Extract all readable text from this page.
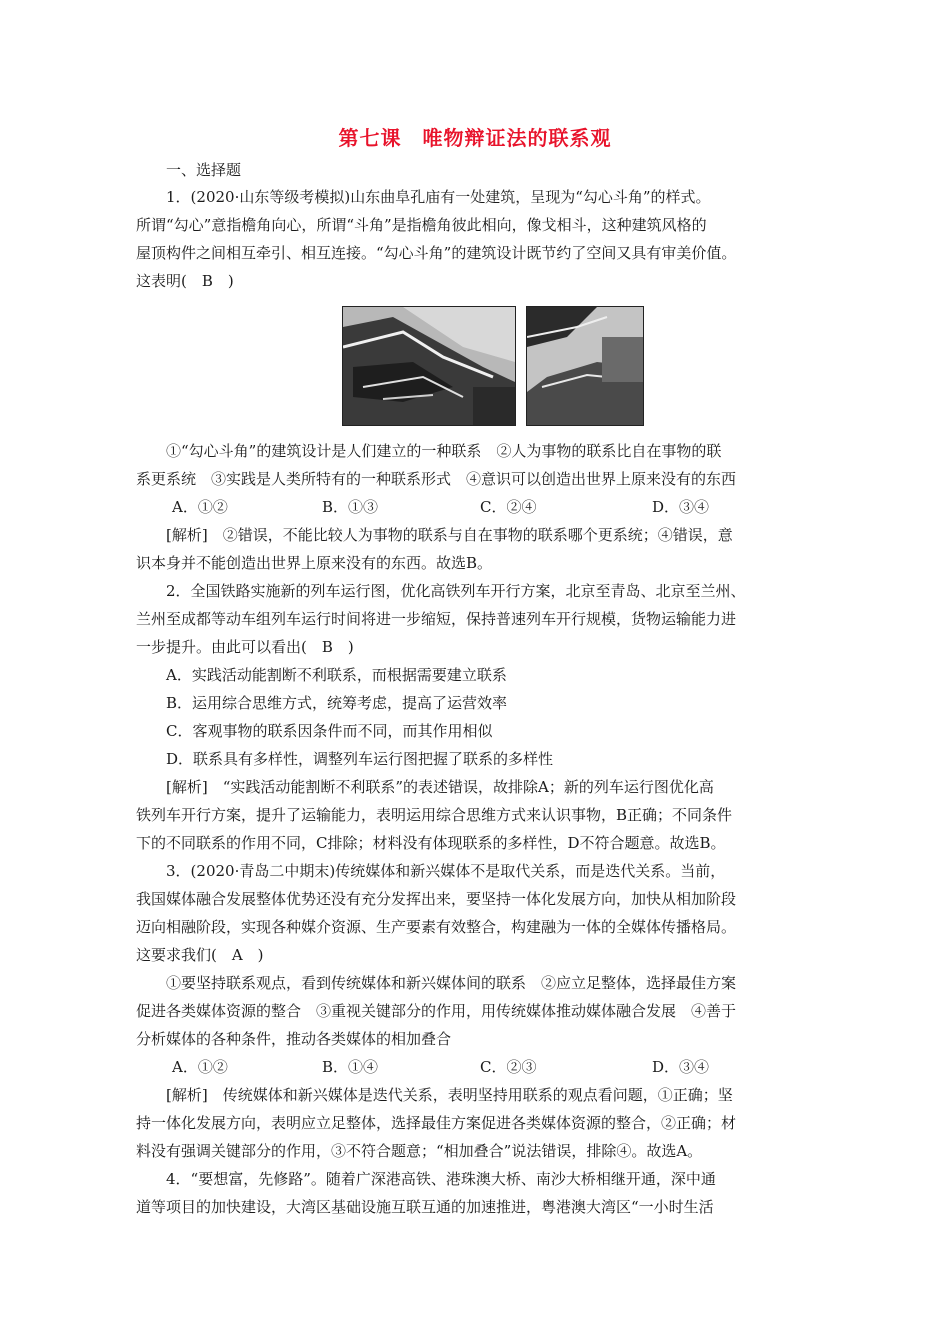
第七课　唯物辩证法的联系观
一、选择题
1．(2020·山东等级考模拟)山东曲阜孔庙有一处建筑，呈现为“勾心斗角”的样式。
所谓“勾心”意指檐角向心，所谓“斗角”是指檐角彼此相向，像戈相斗，这种建筑风格的
屋顶构件之间相互牵引、相互连接。“勾心斗角”的建筑设计既节约了空间又具有审美价值。
这表明(　B　)
①“勾心斗角”的建筑设计是人们建立的一种联系　②人为事物的联系比自在事物的联
系更系统　③实践是人类所特有的一种联系形式　④意识可以创造出世界上原来没有的东西
A．①②	B．①③	C．②④	D．③④
[解析]　②错误，不能比较人为事物的联系与自在事物的联系哪个更系统；④错误，意
识本身并不能创造出世界上原来没有的东西。故选B。
2．全国铁路实施新的列车运行图，优化高铁列车开行方案，北京至青岛、北京至兰州、
兰州至成都等动车组列车运行时间将进一步缩短，保持普速列车开行规模，货物运输能力进
一步提升。由此可以看出(　B　)
A．实践活动能割断不利联系，而根据需要建立联系
B．运用综合思维方式，统筹考虑，提高了运营效率
C．客观事物的联系因条件而不同，而其作用相似
D．联系具有多样性，调整列车运行图把握了联系的多样性
[解析]　“实践活动能割断不利联系”的表述错误，故排除A；新的列车运行图优化高
铁列车开行方案，提升了运输能力，表明运用综合思维方式来认识事物，B正确；不同条件
下的不同联系的作用不同，C排除；材料没有体现联系的多样性，D不符合题意。故选B。
3．(2020·青岛二中期末)传统媒体和新兴媒体不是取代关系，而是迭代关系。当前，
我国媒体融合发展整体优势还没有充分发挥出来，要坚持一体化发展方向，加快从相加阶段
迈向相融阶段，实现各种媒介资源、生产要素有效整合，构建融为一体的全媒体传播格局。
这要求我们(　A　)
①要坚持联系观点，看到传统媒体和新兴媒体间的联系　②应立足整体，选择最佳方案
促进各类媒体资源的整合　③重视关键部分的作用，用传统媒体推动媒体融合发展　④善于
分析媒体的各种条件，推动各类媒体的相加叠合
A．①②	B．①④	C．②③	D．③④
[解析]　传统媒体和新兴媒体是迭代关系，表明坚持用联系的观点看问题，①正确；坚
持一体化发展方向，表明应立足整体，选择最佳方案促进各类媒体资源的整合，②正确；材
料没有强调关键部分的作用，③不符合题意；“相加叠合”说法错误，排除④。故选A。
4．“要想富，先修路”。随着广深港高铁、港珠澳大桥、南沙大桥相继开通，深中通
道等项目的加快建设，大湾区基础设施互联互通的加速推进，粤港澳大湾区“一小时生活
